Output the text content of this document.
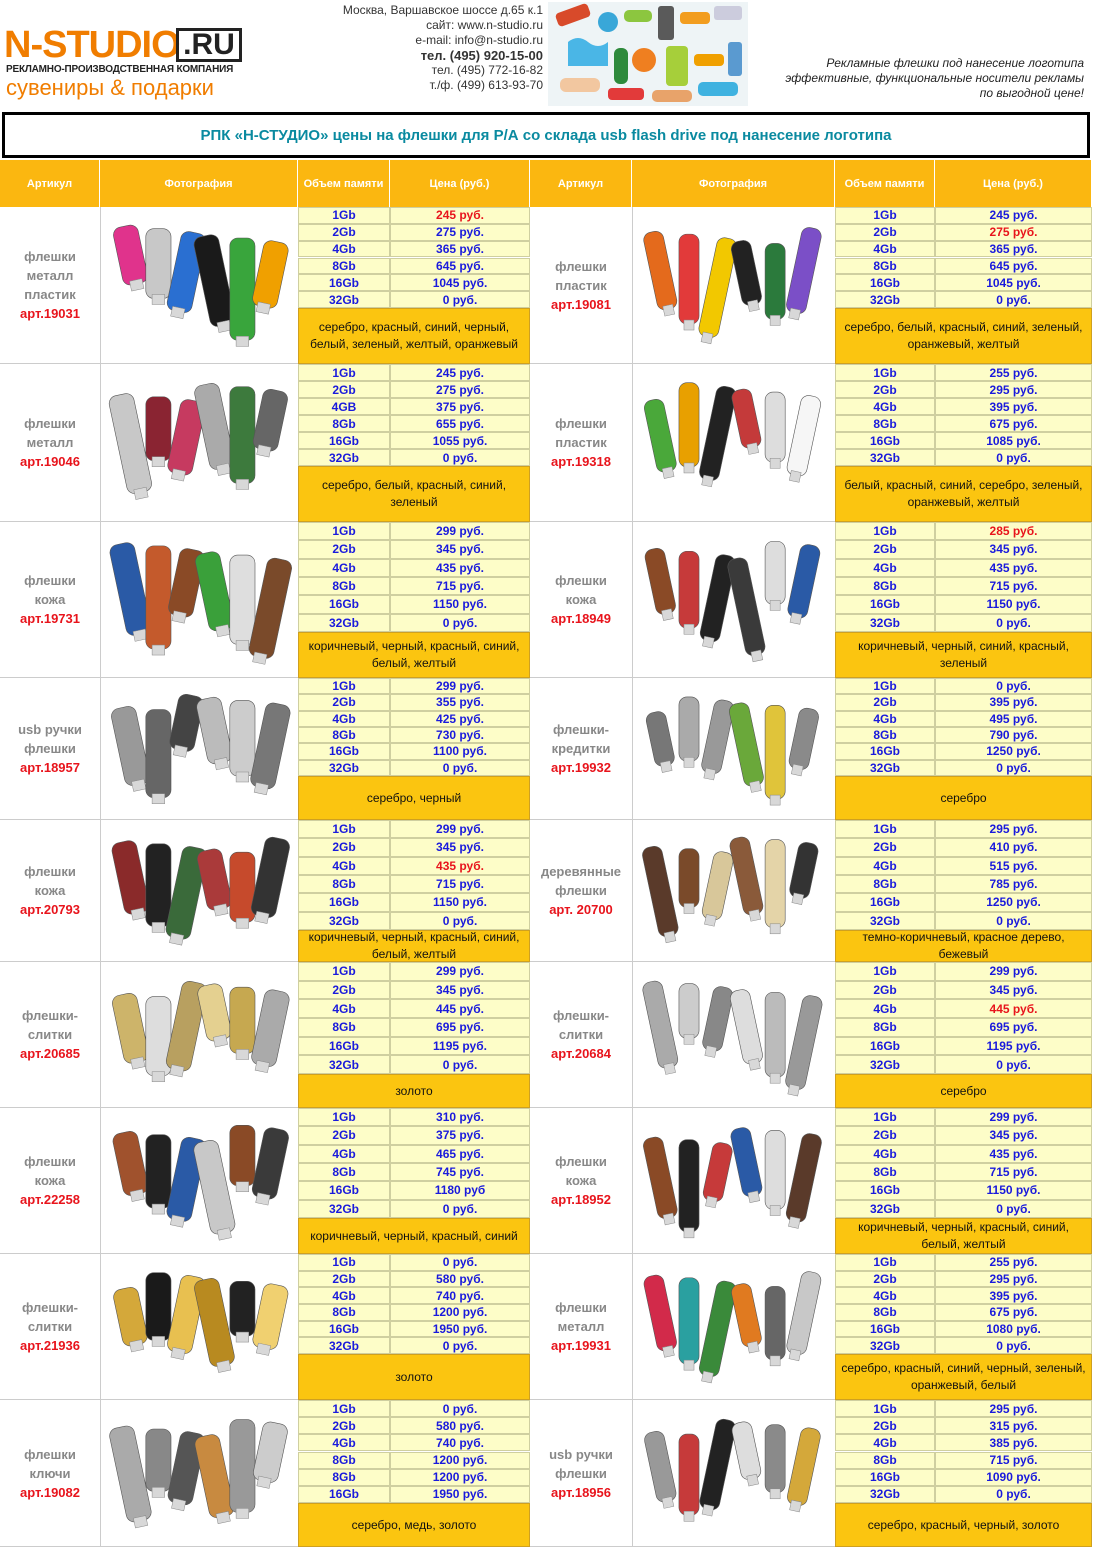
N-STUDIO .RU
РЕКЛАМНО-ПРОИЗВОДСТВЕННАЯ КОМПАНИЯ
сувениры & подарки
Москва, Варшавское шоссе д.65 к.1
сайт: www.n-studio.ru
e-mail: info@n-studio.ru
тел. (495) 920-15-00
тел. (495) 772-16-82
т./ф. (499) 613-93-70
Рекламные флешки под нанесение логотипа
эффективные, функциональные носители рекламы
по выгодной цене!
РПК «Н-СТУДИО» цены на флешки для Р/А со склада usb flash drive под нанесение логотипа
Артикул	Фотография	Объем памяти	Цена (руб.)	Артикул	Фотография	Объем памяти	Цена (руб.)
флешки
металл
пластик
арт.19031
1Gb	245 руб.
2Gb	275 руб.
4Gb	365 руб.
8Gb	645 руб.
16Gb	1045 руб.
32Gb	0 руб.
серебро, красный, синий, черный, белый, зеленый, желтый, оранжевый
флешки
пластик
арт.19081
1Gb	245 руб.
2Gb	275 руб.
4Gb	365 руб.
8Gb	645 руб.
16Gb	1045 руб.
32Gb	0 руб.
серебро, белый, красный, синий, зеленый, оранжевый, желтый
флешки
металл
арт.19046
1Gb	245 руб.
2Gb	275 руб.
4GB	375 руб.
8Gb	655 руб.
16Gb	1055 руб.
32Gb	0 руб.
серебро, белый, красный, синий, зеленый
флешки
пластик
арт.19318
1Gb	255 руб.
2Gb	295 руб.
4Gb	395 руб.
8Gb	675 руб.
16Gb	1085 руб.
32Gb	0 руб.
белый, красный, синий, серебро, зеленый, оранжевый, желтый
флешки
кожа
арт.19731
1Gb	299 руб.
2Gb	345 руб.
4Gb	435 руб.
8Gb	715 руб.
16Gb	1150 руб.
32Gb	0 руб.
коричневый, черный, красный, синий, белый, желтый
флешки
кожа
арт.18949
1Gb	285 руб.
2Gb	345 руб.
4Gb	435 руб.
8Gb	715 руб.
16Gb	1150 руб.
32Gb	0 руб.
коричневый, черный, синий, красный, зеленый
usb ручки
флешки
арт.18957
1Gb	299 руб.
2Gb	355 руб.
4Gb	425 руб.
8Gb	730 руб.
16Gb	1100 руб.
32Gb	0 руб.
серебро, черный
флешки-
кредитки
арт.19932
1Gb	0 руб.
2Gb	395 руб.
4Gb	495 руб.
8Gb	790 руб.
16Gb	1250 руб.
32Gb	0 руб.
серебро
флешки
кожа
арт.20793
1Gb	299 руб.
2Gb	345 руб.
4Gb	435 руб.
8Gb	715 руб.
16Gb	1150 руб.
32Gb	0 руб.
коричневый, черный, красный, синий, белый, желтый
деревянные
флешки
арт. 20700
1Gb	295 руб.
2Gb	410 руб.
4Gb	515 руб.
8Gb	785 руб.
16Gb	1250 руб.
32Gb	0 руб.
темно-коричневый, красное дерево, бежевый
флешки-
слитки
арт.20685
1Gb	299 руб.
2Gb	345 руб.
4Gb	445 руб.
8Gb	695 руб.
16Gb	1195 руб.
32Gb	0 руб.
золото
флешки-
слитки
арт.20684
1Gb	299 руб.
2Gb	345 руб.
4Gb	445 руб.
8Gb	695 руб.
16Gb	1195 руб.
32Gb	0 руб.
серебро
флешки
кожа
арт.22258
1Gb	310 руб.
2Gb	375 руб.
4Gb	465 руб.
8Gb	745 руб.
16Gb	1180 руб
32Gb	0 руб.
коричневый, черный, красный, синий
флешки
кожа
арт.18952
1Gb	299 руб.
2Gb	345 руб.
4Gb	435 руб.
8Gb	715 руб.
16Gb	1150 руб.
32Gb	0 руб.
коричневый, черный, красный, синий, белый, желтый
флешки-
слитки
арт.21936
1Gb	0 руб.
2Gb	580 руб.
4Gb	740 руб.
8Gb	1200 руб.
16Gb	1950 руб.
32Gb	0 руб.
золото
флешки
металл
арт.19931
1Gb	255 руб.
2Gb	295 руб.
4Gb	395 руб.
8Gb	675 руб.
16Gb	1080 руб.
32Gb	0 руб.
серебро, красный, синий, черный, зеленый, оранжевый, белый
флешки
ключи
арт.19082
1Gb	0 руб.
2Gb	580 руб.
4Gb	740 руб.
8Gb	1200 руб.
8Gb	1200 руб.
16Gb	1950 руб.
серебро, медь, золото
usb ручки
флешки
арт.18956
1Gb	295 руб.
2Gb	315 руб.
4Gb	385 руб.
8Gb	715 руб.
16Gb	1090 руб.
32Gb	0 руб.
серебро, красный, черный, золото
